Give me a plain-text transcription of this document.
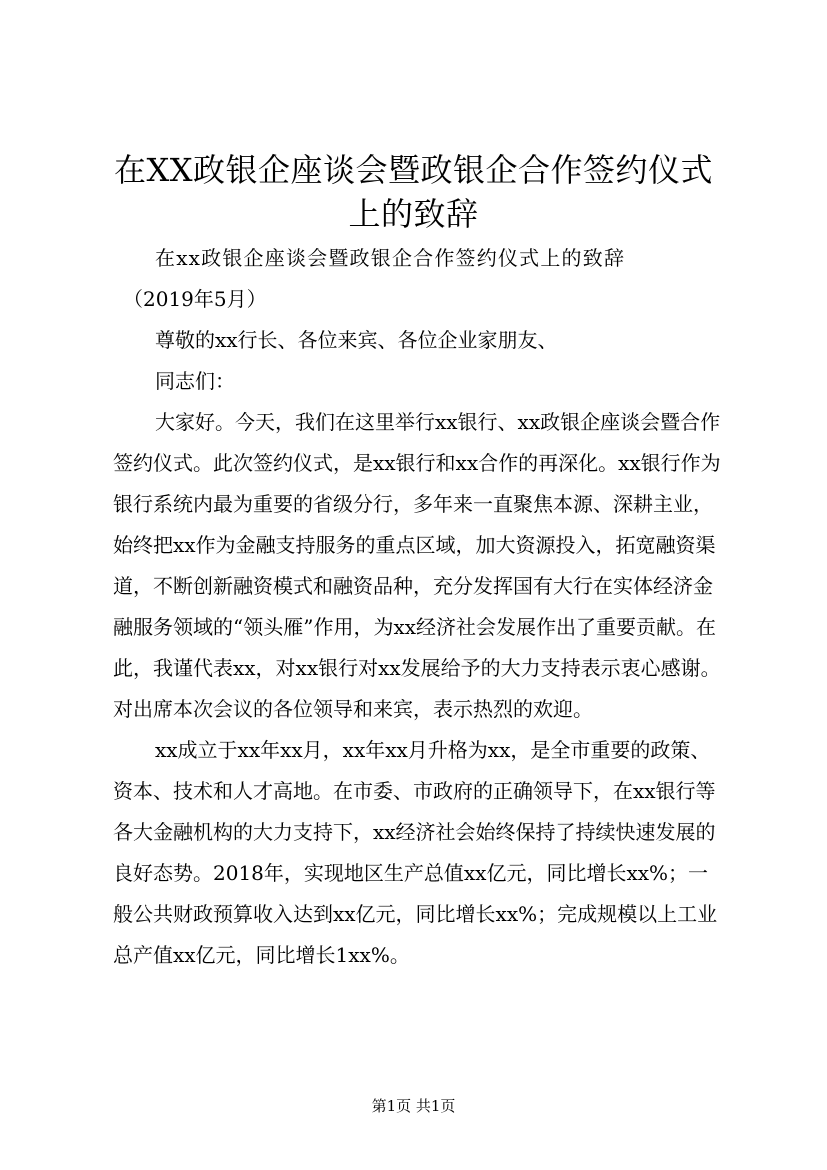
在XX政银企座谈会暨政银企合作签约仪式上的致辞

在xx政银企座谈会暨政银企合作签约仪式上的致辞

（2019年5月）

尊敬的xx行长、各位来宾、各位企业家朋友、

同志们：

大家好。今天，我们在这里举行xx银行、xx政银企座谈会暨合作签约仪式。此次签约仪式，是xx银行和xx合作的再深化。xx银行作为银行系统内最为重要的省级分行，多年来一直聚焦本源、深耕主业，始终把xx作为金融支持服务的重点区域，加大资源投入，拓宽融资渠道，不断创新融资模式和融资品种，充分发挥国有大行在实体经济金融服务领域的“领头雁”作用，为xx经济社会发展作出了重要贡献。在此，我谨代表xx，对xx银行对xx发展给予的大力支持表示衷心感谢。对出席本次会议的各位领导和来宾，表示热烈的欢迎。

xx成立于xx年xx月，xx年xx月升格为xx，是全市重要的政策、资本、技术和人才高地。在市委、市政府的正确领导下，在xx银行等各大金融机构的大力支持下，xx经济社会始终保持了持续快速发展的良好态势。2018年，实现地区生产总值xx亿元，同比增长xx%；一般公共财政预算收入达到xx亿元，同比增长xx%；完成规模以上工业总产值xx亿元，同比增长1xx%。

第1页 共1页
